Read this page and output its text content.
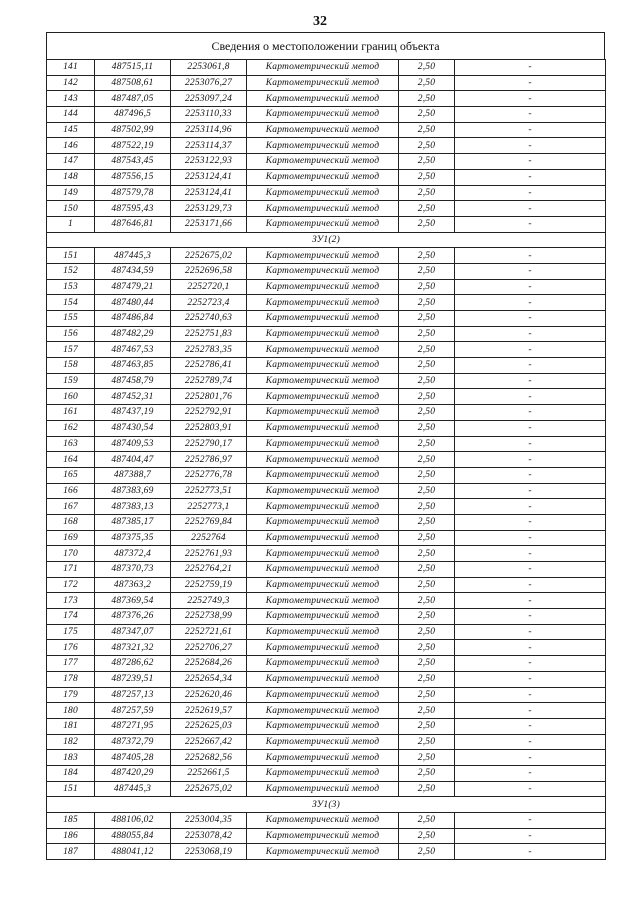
32
Сведения о местоположении границ объекта
141	487515,11	2253061,8	Картометрический метод	2,50	-
142	487508,61	2253076,27	Картометрический метод	2,50	-
143	487487,05	2253097,24	Картометрический метод	2,50	-
144	487496,5	2253110,33	Картометрический метод	2,50	-
145	487502,99	2253114,96	Картометрический метод	2,50	-
146	487522,19	2253114,37	Картометрический метод	2,50	-
147	487543,45	2253122,93	Картометрический метод	2,50	-
148	487556,15	2253124,41	Картометрический метод	2,50	-
149	487579,78	2253124,41	Картометрический метод	2,50	-
150	487595,43	2253129,73	Картометрический метод	2,50	-
1	487646,81	2253171,66	Картометрический метод	2,50	-
ЗУ1(2)					
151	487445,3	2252675,02	Картометрический метод	2,50	-
152	487434,59	2252696,58	Картометрический метод	2,50	-
153	487479,21	2252720,1	Картометрический метод	2,50	-
154	487480,44	2252723,4	Картометрический метод	2,50	-
155	487486,84	2252740,63	Картометрический метод	2,50	-
156	487482,29	2252751,83	Картометрический метод	2,50	-
157	487467,53	2252783,35	Картометрический метод	2,50	-
158	487463,85	2252786,41	Картометрический метод	2,50	-
159	487458,79	2252789,74	Картометрический метод	2,50	-
160	487452,31	2252801,76	Картометрический метод	2,50	-
161	487437,19	2252792,91	Картометрический метод	2,50	-
162	487430,54	2252803,91	Картометрический метод	2,50	-
163	487409,53	2252790,17	Картометрический метод	2,50	-
164	487404,47	2252786,97	Картометрический метод	2,50	-
165	487388,7	2252776,78	Картометрический метод	2,50	-
166	487383,69	2252773,51	Картометрический метод	2,50	-
167	487383,13	2252773,1	Картометрический метод	2,50	-
168	487385,17	2252769,84	Картометрический метод	2,50	-
169	487375,35	2252764	Картометрический метод	2,50	-
170	487372,4	2252761,93	Картометрический метод	2,50	-
171	487370,73	2252764,21	Картометрический метод	2,50	-
172	487363,2	2252759,19	Картометрический метод	2,50	-
173	487369,54	2252749,3	Картометрический метод	2,50	-
174	487376,26	2252738,99	Картометрический метод	2,50	-
175	487347,07	2252721,61	Картометрический метод	2,50	-
176	487321,32	2252706,27	Картометрический метод	2,50	-
177	487286,62	2252684,26	Картометрический метод	2,50	-
178	487239,51	2252654,34	Картометрический метод	2,50	-
179	487257,13	2252620,46	Картометрический метод	2,50	-
180	487257,59	2252619,57	Картометрический метод	2,50	-
181	487271,95	2252625,03	Картометрический метод	2,50	-
182	487372,79	2252667,42	Картометрический метод	2,50	-
183	487405,28	2252682,56	Картометрический метод	2,50	-
184	487420,29	2252661,5	Картометрический метод	2,50	-
151	487445,3	2252675,02	Картометрический метод	2,50	-
ЗУ1(3)					
185	488106,02	2253004,35	Картометрический метод	2,50	-
186	488055,84	2253078,42	Картометрический метод	2,50	-
187	488041,12	2253068,19	Картометрический метод	2,50	-
